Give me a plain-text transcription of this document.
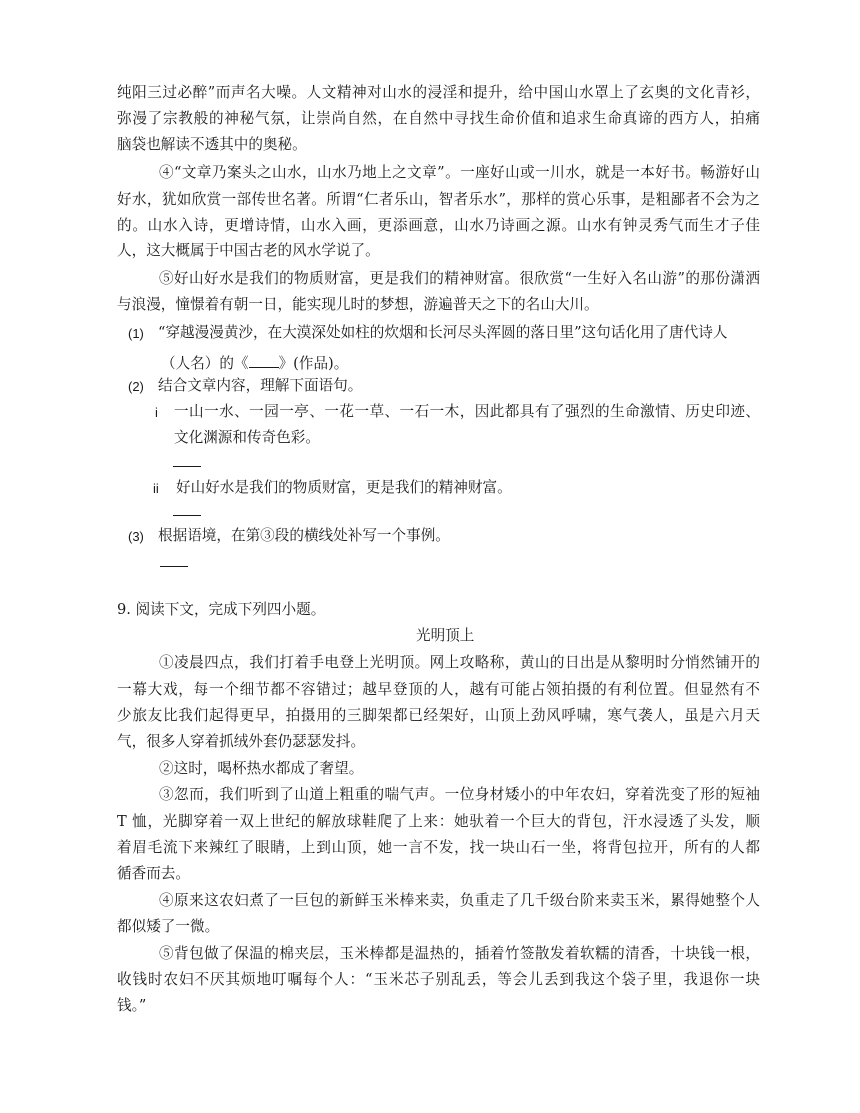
纯阳三过必醉”而声名大噪。人文精神对山水的浸淫和提升，给中国山水罩上了玄奥的文化青衫，
弥漫了宗教般的神秘气氛，让崇尚自然，在自然中寻找生命价值和追求生命真谛的西方人，拍痛
脑袋也解读不透其中的奥秘。
④“文章乃案头之山水，山水乃地上之文章”。一座好山或一川水，就是一本好书。畅游好山
好水，犹如欣赏一部传世名著。所谓“仁者乐山，智者乐水”，那样的赏心乐事，是粗鄙者不会为之
的。山水入诗，更增诗情，山水入画，更添画意，山水乃诗画之源。山水有钟灵秀气而生才子佳
人，这大概属于中国古老的风水学说了。
⑤好山好水是我们的物质财富，更是我们的精神财富。很欣赏“一生好入名山游”的那份潇洒
与浪漫，憧憬着有朝一日，能实现儿时的梦想，游遍普天之下的名山大川。
(1) “穿越漫漫黄沙，在大漠深处如柱的炊烟和长河尽头浑圆的落日里”这句话化用了唐代诗人
（人名）的《 》(作品)。
(2) 结合文章内容，理解下面语句。
i 一山一水、一园一亭、一花一草、一石一木，因此都具有了强烈的生命激情、历史印迹、
文化渊源和传奇色彩。
ii 好山好水是我们的物质财富，更是我们的精神财富。
(3) 根据语境，在第③段的横线处补写一个事例。
9. 阅读下文，完成下列四小题。
光明顶上
①凌晨四点，我们打着手电登上光明顶。网上攻略称，黄山的日出是从黎明时分悄然铺开的
一幕大戏，每一个细节都不容错过；越早登顶的人，越有可能占领拍摄的有利位置。但显然有不
少旅友比我们起得更早，拍摄用的三脚架都已经架好，山顶上劲风呼啸，寒气袭人，虽是六月天
气，很多人穿着抓绒外套仍瑟瑟发抖。
②这时，喝杯热水都成了奢望。
③忽而，我们听到了山道上粗重的喘气声。一位身材矮小的中年农妇，穿着洗变了形的短袖
T 恤，光脚穿着一双上世纪的解放球鞋爬了上来：她驮着一个巨大的背包，汗水浸透了头发，顺
着眉毛流下来辣红了眼睛，上到山顶，她一言不发，找一块山石一坐，将背包拉开，所有的人都
循香而去。
④原来这农妇煮了一巨包的新鲜玉米棒来卖，负重走了几千级台阶来卖玉米，累得她整个人
都似矮了一微。
⑤背包做了保温的棉夹层，玉米棒都是温热的，插着竹签散发着软糯的清香，十块钱一根，
收钱时农妇不厌其烦地叮嘱每个人：“玉米芯子别乱丢，等会儿丢到我这个袋子里，我退你一块
钱。”
